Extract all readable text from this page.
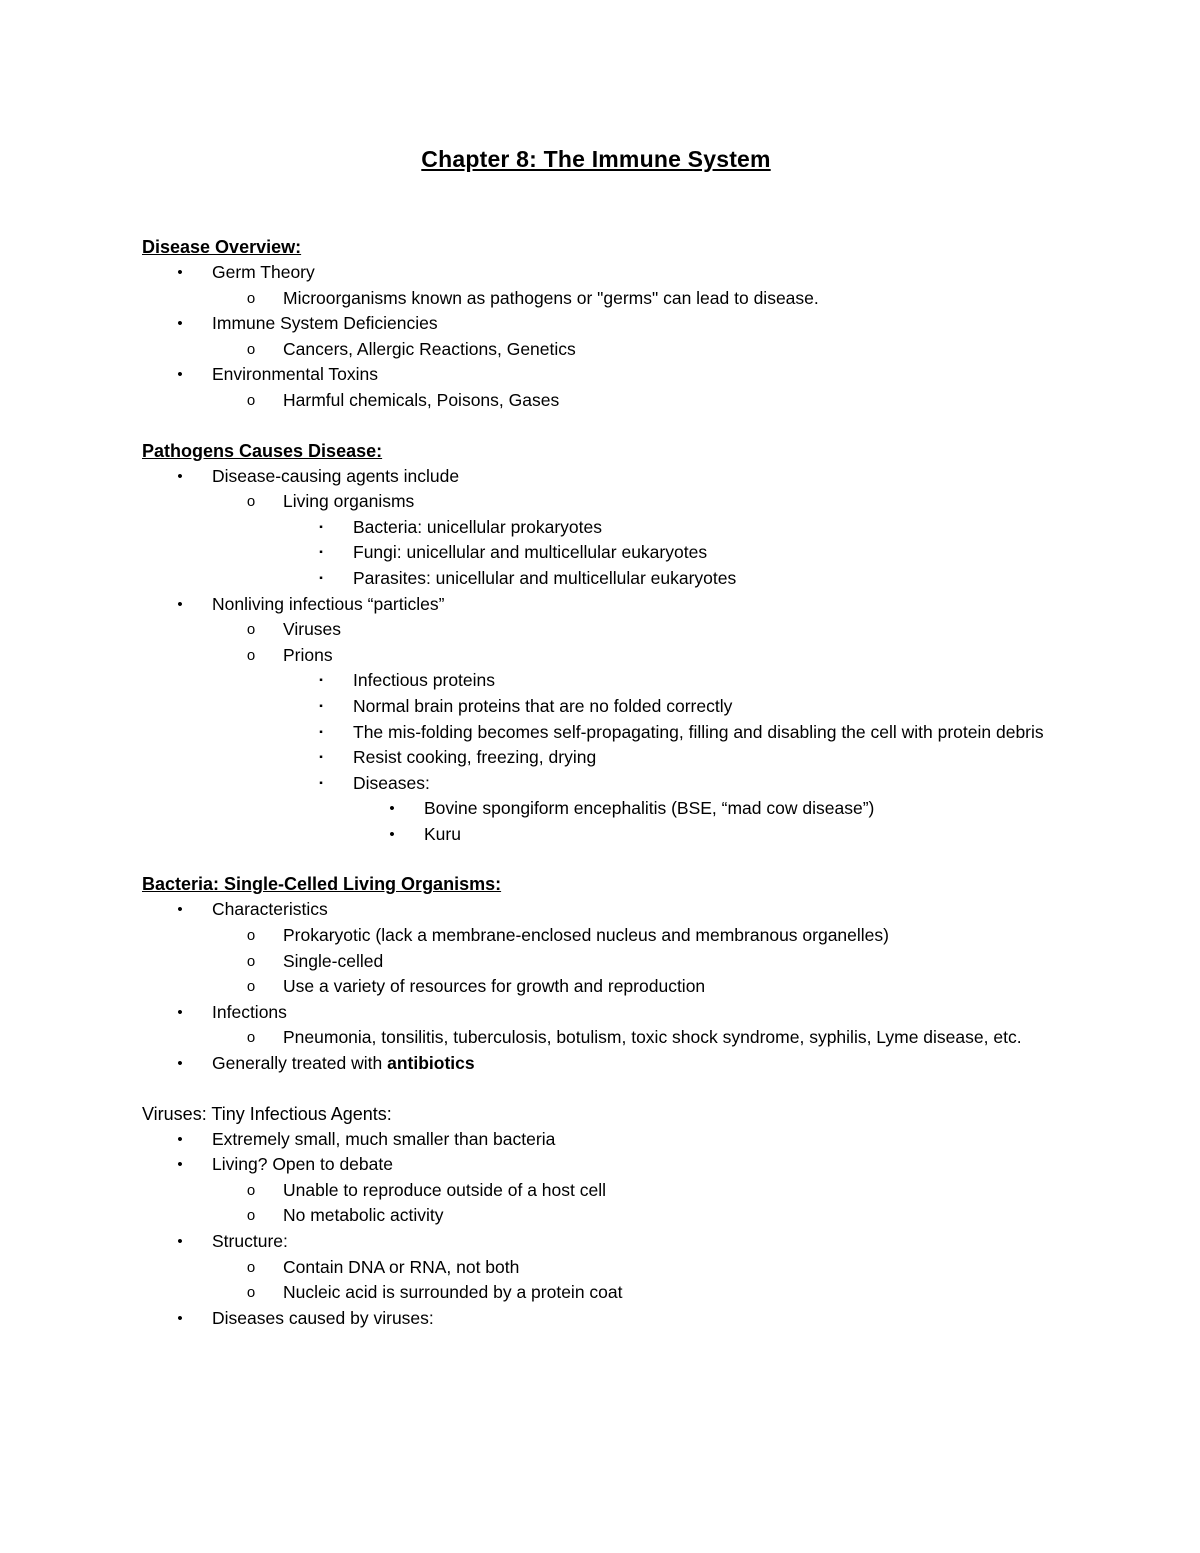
Chapter 8: The Immune System

Disease Overview:

•	Germ Theory
o	Microorganisms known as pathogens or "germs" can lead to disease.
•	Immune System Deficiencies
o	Cancers, Allergic Reactions, Genetics
•	Environmental Toxins
o	Harmful chemicals, Poisons, Gases

Pathogens Causes Disease:

•	Disease-causing agents include
o	Living organisms
▪	Bacteria: unicellular prokaryotes
▪	Fungi: unicellular and multicellular eukaryotes
▪	Parasites: unicellular and multicellular eukaryotes
•	Nonliving infectious “particles”
o	Viruses
o	Prions
▪	Infectious proteins
▪	Normal brain proteins that are no folded correctly
▪	The mis-folding becomes self-propagating, filling and disabling the cell with protein debris
▪	Resist cooking, freezing, drying
▪	Diseases:
•	Bovine spongiform encephalitis (BSE, “mad cow disease”)
•	Kuru

Bacteria: Single-Celled Living Organisms:

•	Characteristics
o	Prokaryotic (lack a membrane-enclosed nucleus and membranous organelles)
o	Single-celled
o	Use a variety of resources for growth and reproduction
•	Infections
o	Pneumonia, tonsilitis, tuberculosis, botulism, toxic shock syndrome, syphilis, Lyme disease, etc.
•	Generally treated with antibiotics

Viruses: Tiny Infectious Agents:

•	Extremely small, much smaller than bacteria
•	Living? Open to debate
o	Unable to reproduce outside of a host cell
o	No metabolic activity
•	Structure:
o	Contain DNA or RNA, not both
o	Nucleic acid is surrounded by a protein coat
•	Diseases caused by viruses:
